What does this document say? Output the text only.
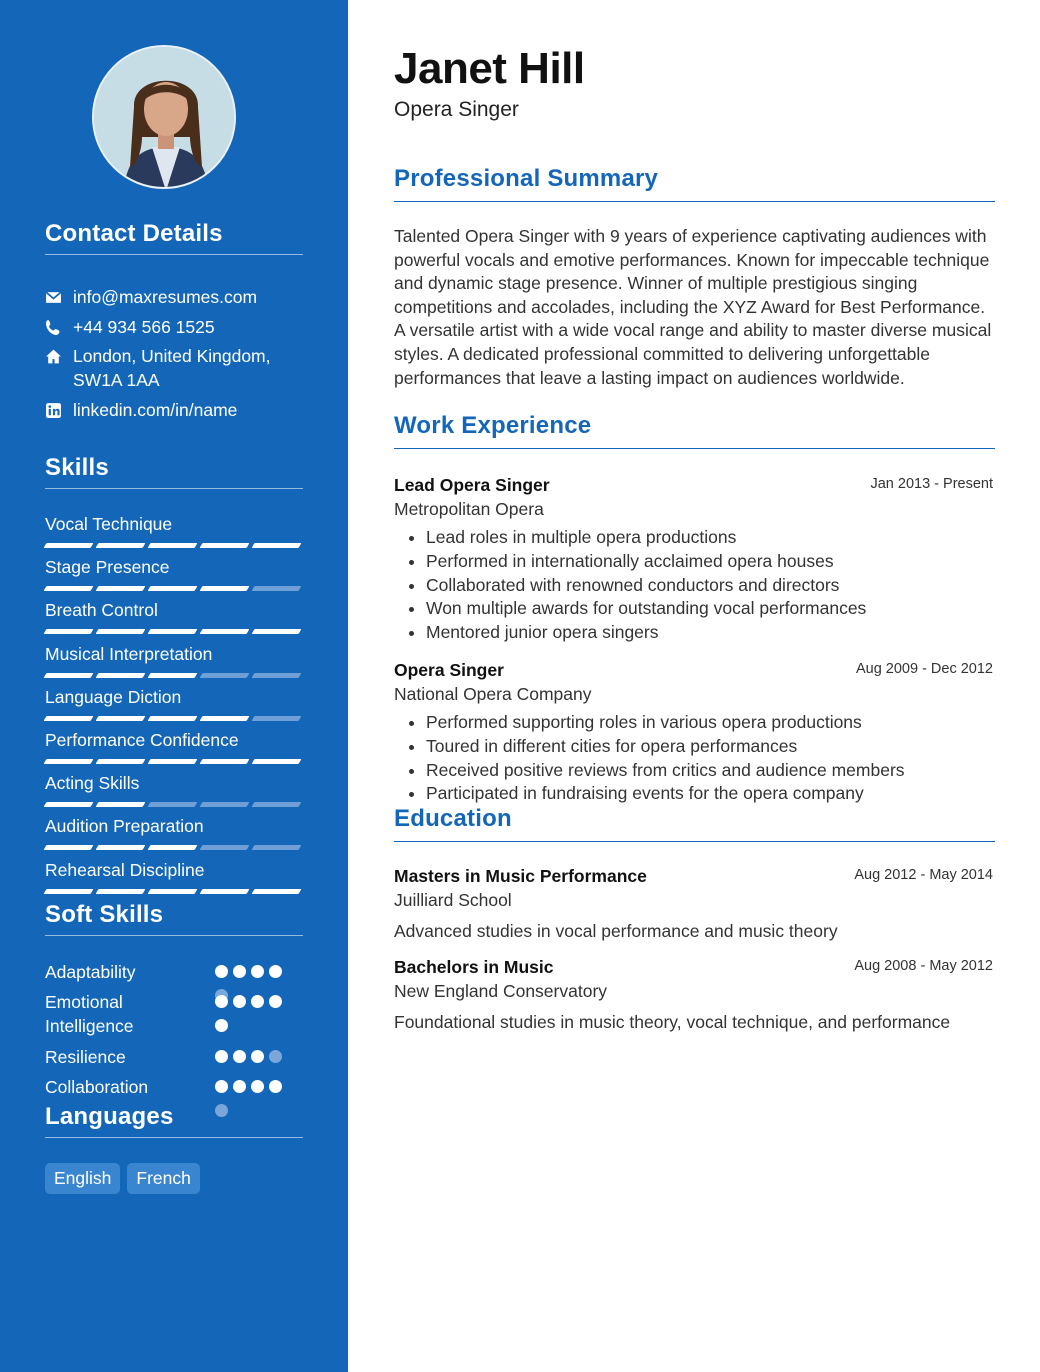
Contact Details
info@maxresumes.com
+44 934 566 1525
London, United Kingdom, SW1A 1AA
linkedin.com/in/name
Skills
Vocal Technique
Stage Presence
Breath Control
Musical Interpretation
Language Diction
Performance Confidence
Acting Skills
Audition Preparation
Rehearsal Discipline
Soft Skills
Adaptability
Emotional Intelligence
Resilience
Collaboration
Languages
English	French
Janet Hill
Opera Singer
Professional Summary
Talented Opera Singer with 9 years of experience captivating audiences with powerful vocals and emotive performances. Known for impeccable technique and dynamic stage presence. Winner of multiple prestigious singing competitions and accolades, including the XYZ Award for Best Performance. A versatile artist with a wide vocal range and ability to master diverse musical styles. A dedicated professional committed to delivering unforgettable performances that leave a lasting impact on audiences worldwide.
Work Experience
Lead Opera Singer	Jan 2013 - Present
Metropolitan Opera
• Lead roles in multiple opera productions
• Performed in internationally acclaimed opera houses
• Collaborated with renowned conductors and directors
• Won multiple awards for outstanding vocal performances
• Mentored junior opera singers
Opera Singer	Aug 2009 - Dec 2012
National Opera Company
• Performed supporting roles in various opera productions
• Toured in different cities for opera performances
• Received positive reviews from critics and audience members
• Participated in fundraising events for the opera company
Education
Masters in Music Performance	Aug 2012 - May 2014
Juilliard School
Advanced studies in vocal performance and music theory
Bachelors in Music	Aug 2008 - May 2012
New England Conservatory
Foundational studies in music theory, vocal technique, and performance
